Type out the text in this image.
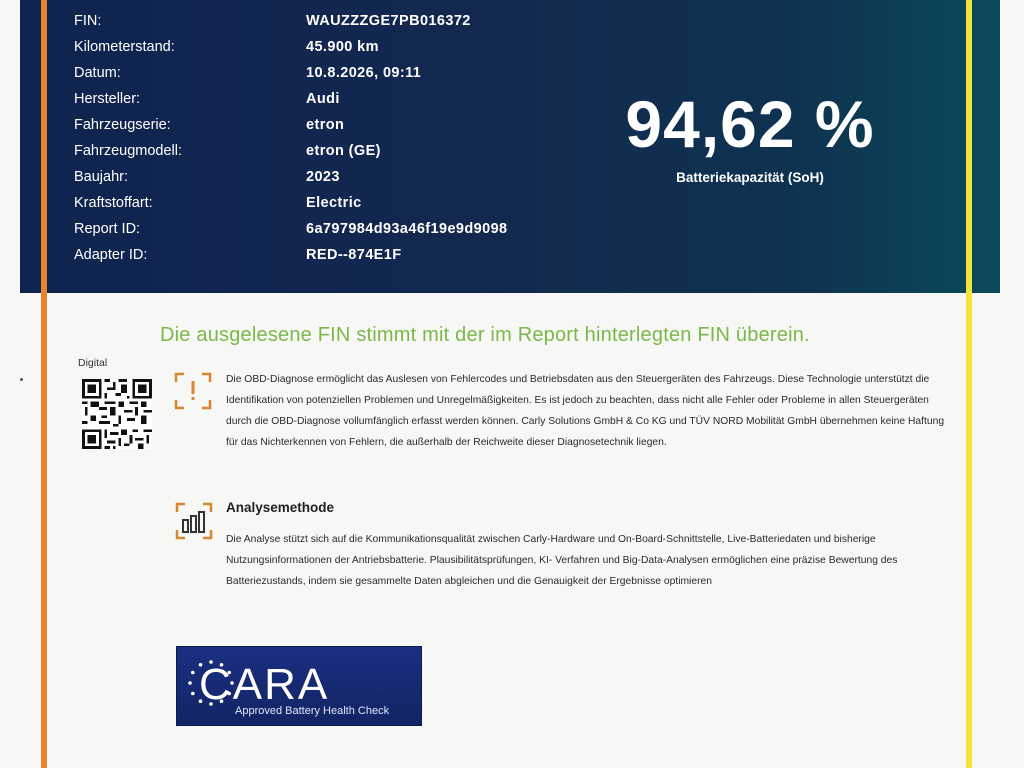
FIN:	WAUZZZGE7PB016372
Kilometerstand:	45.900 km
Datum:	10.8.2026, 09:11
Hersteller:	Audi
Fahrzeugserie:	etron
Fahrzeugmodell:	etron (GE)
Baujahr:	2023
Kraftstoffart:	Electric
Report ID:	6a797984d93a46f19e9d9098
Adapter ID:	RED--874E1F
94,62 %
Batteriekapazität (SoH)
Die ausgelesene FIN stimmt mit der im Report hinterlegten FIN überein.
Digital
Die OBD-Diagnose ermöglicht das Auslesen von Fehlercodes und Betriebsdaten aus den Steuergeräten des Fahrzeugs. Diese Technologie unterstützt die Identifikation von potenziellen Problemen und Unregelmäßigkeiten. Es ist jedoch zu beachten, dass nicht alle Fehler oder Probleme in allen Steuergeräten durch die OBD-Diagnose vollumfänglich erfasst werden können. Carly Solutions GmbH & Co KG und TÜV NORD Mobilität GmbH übernehmen keine Haftung für das Nichterkennen von Fehlern, die außerhalb der Reichweite dieser Diagnosetechnik liegen.
Analysemethode
Die Analyse stützt sich auf die Kommunikationsqualität zwischen Carly-Hardware und On-Board-Schnittstelle, Live-Batteriedaten und bisherige Nutzungsinformationen der Antriebsbatterie. Plausibilitätsprüfungen, KI- Verfahren und Big-Data-Analysen ermöglichen eine präzise Bewertung des Batteriezustands, indem sie gesammelte Daten abgleichen und die Genauigkeit der Ergebnisse optimieren
CARA
Approved Battery Health Check
